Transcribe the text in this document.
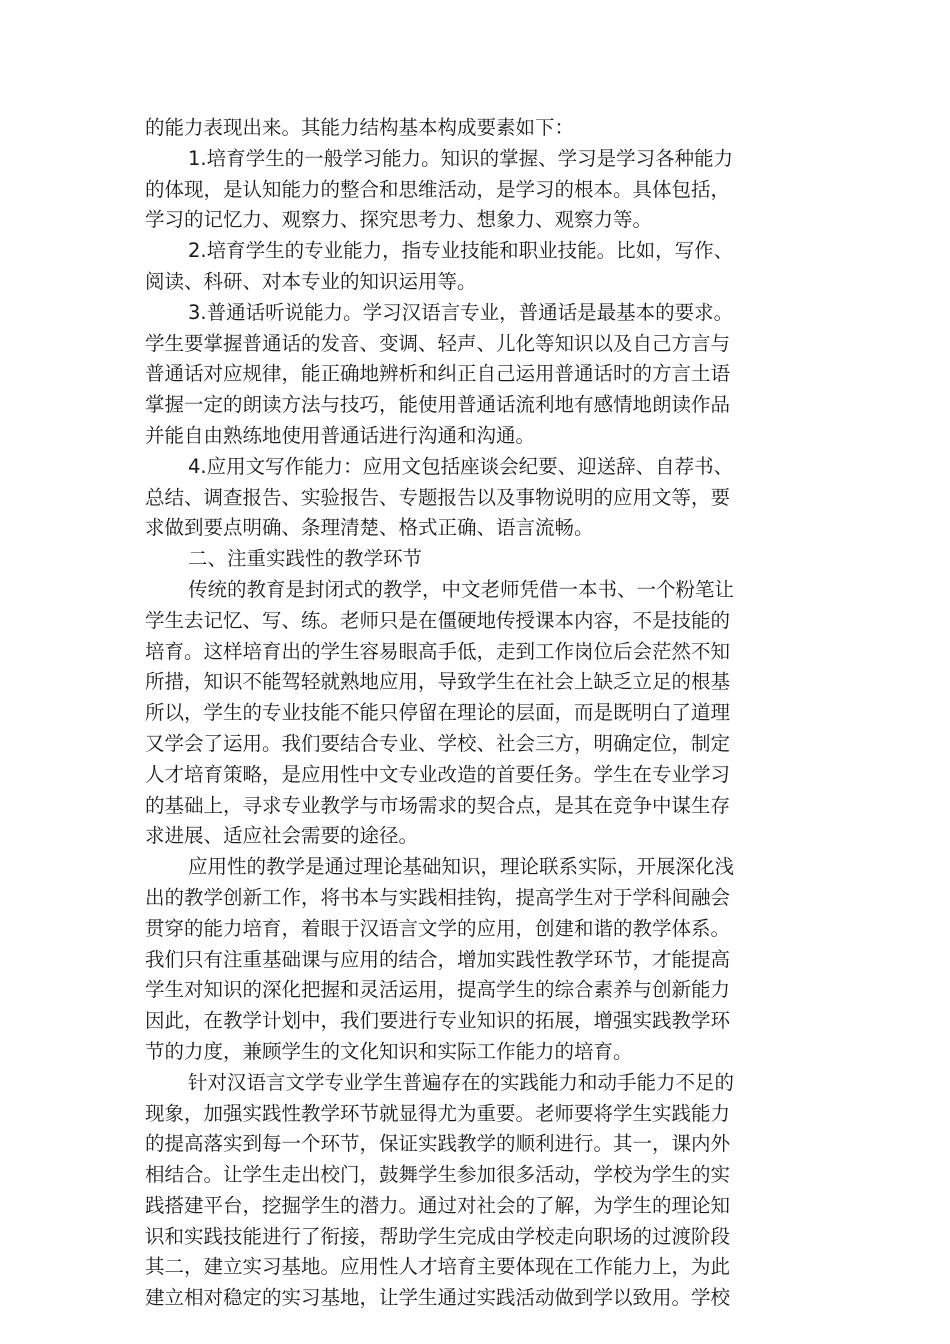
的能力表现出来。其能力结构基本构成要素如下：
1.培育学生的一般学习能力。知识的掌握、学习是学习各种能力
的体现，是认知能力的整合和思维活动，是学习的根本。具体包括，
学习的记忆力、观察力、探究思考力、想象力、观察力等。
2.培育学生的专业能力，指专业技能和职业技能。比如，写作、
阅读、科研、对本专业的知识运用等。
3.普通话听说能力。学习汉语言专业，普通话是最基本的要求。
学生要掌握普通话的发音、变调、轻声、儿化等知识以及自己方言与
普通话对应规律，能正确地辨析和纠正自己运用普通话时的方言土语
掌握一定的朗读方法与技巧，能使用普通话流利地有感情地朗读作品
并能自由熟练地使用普通话进行沟通和沟通。
4.应用文写作能力：应用文包括座谈会纪要、迎送辞、自荐书、
总结、调查报告、实验报告、专题报告以及事物说明的应用文等，要
求做到要点明确、条理清楚、格式正确、语言流畅。
二、注重实践性的教学环节
传统的教育是封闭式的教学，中文老师凭借一本书、一个粉笔让
学生去记忆、写、练。老师只是在僵硬地传授课本内容，不是技能的
培育。这样培育出的学生容易眼高手低，走到工作岗位后会茫然不知
所措，知识不能驾轻就熟地应用，导致学生在社会上缺乏立足的根基
所以，学生的专业技能不能只停留在理论的层面，而是既明白了道理
又学会了运用。我们要结合专业、学校、社会三方，明确定位，制定
人才培育策略，是应用性中文专业改造的首要任务。学生在专业学习
的基础上，寻求专业教学与市场需求的契合点，是其在竞争中谋生存
求进展、适应社会需要的途径。
应用性的教学是通过理论基础知识，理论联系实际，开展深化浅
出的教学创新工作，将书本与实践相挂钩，提高学生对于学科间融会
贯穿的能力培育，着眼于汉语言文学的应用，创建和谐的教学体系。
我们只有注重基础课与应用的结合，增加实践性教学环节，才能提高
学生对知识的深化把握和灵活运用，提高学生的综合素养与创新能力
因此，在教学计划中，我们要进行专业知识的拓展，增强实践教学环
节的力度，兼顾学生的文化知识和实际工作能力的培育。
针对汉语言文学专业学生普遍存在的实践能力和动手能力不足的
现象，加强实践性教学环节就显得尤为重要。老师要将学生实践能力
的提高落实到每一个环节，保证实践教学的顺利进行。其一，课内外
相结合。让学生走出校门，鼓舞学生参加很多活动，学校为学生的实
践搭建平台，挖掘学生的潜力。通过对社会的了解，为学生的理论知
识和实践技能进行了衔接，帮助学生完成由学校走向职场的过渡阶段
其二，建立实习基地。应用性人才培育主要体现在工作能力上，为此
建立相对稳定的实习基地，让学生通过实践活动做到学以致用。学校
